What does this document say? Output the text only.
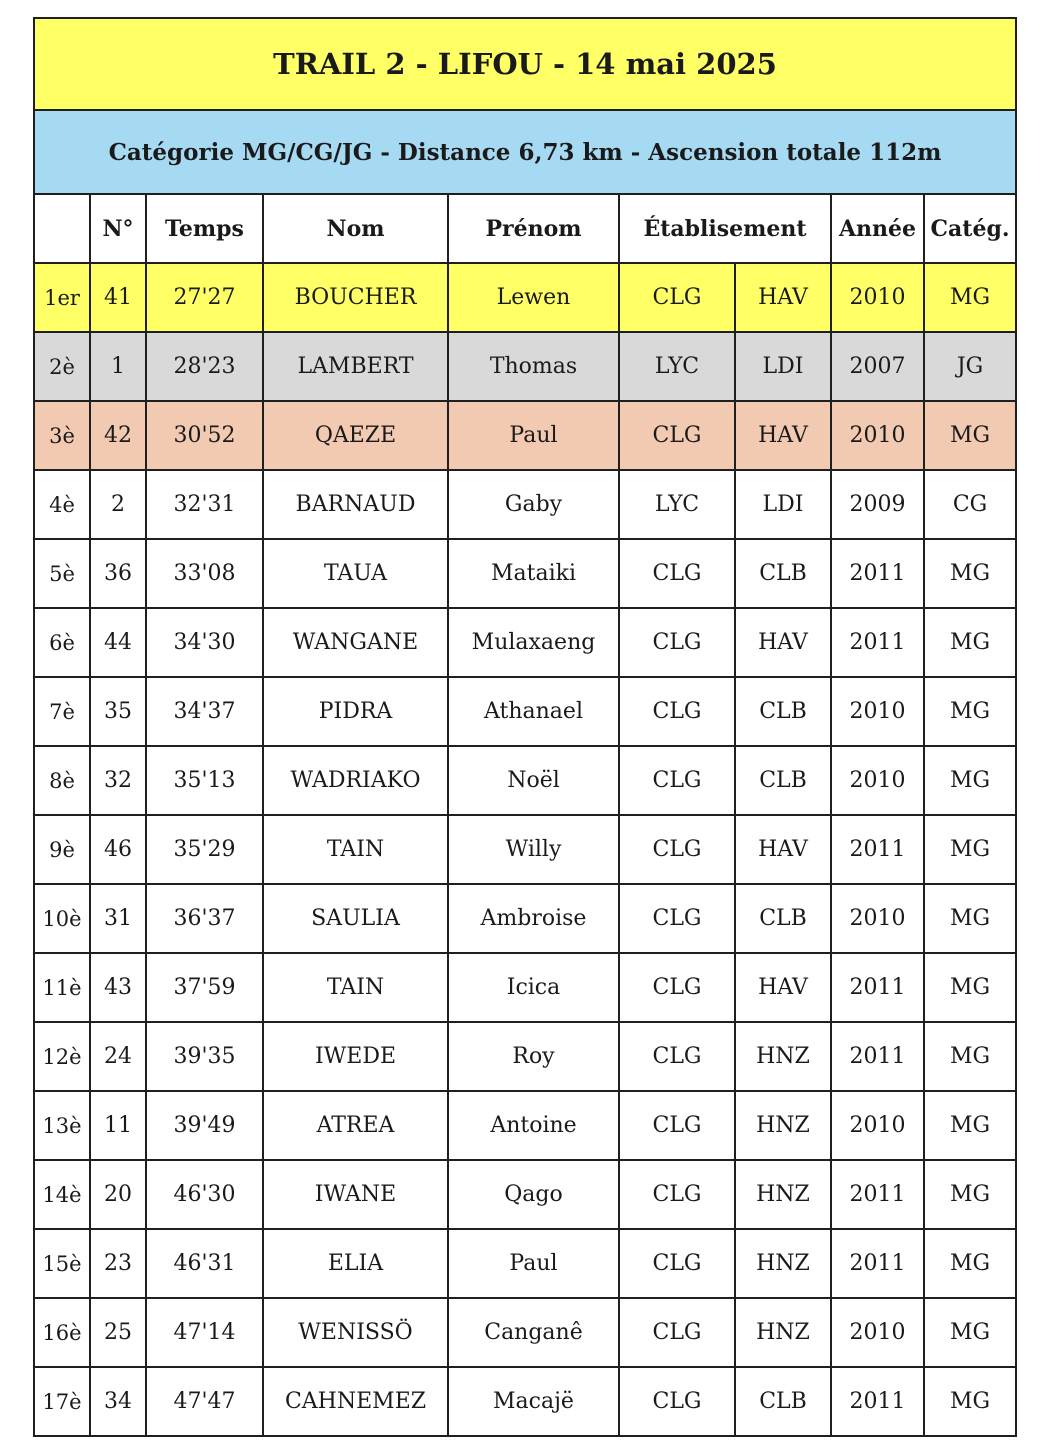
TRAIL 2 - LIFOU - 14 mai 2025								
Catégorie MG/CG/JG - Distance 6,73 km - Ascension totale 112m								
	N°	Temps	Nom	Prénom	Établisement		Année	Catég.
1er	41	27'27	BOUCHER	Lewen	CLG	HAV	2010	MG
2è	1	28'23	LAMBERT	Thomas	LYC	LDI	2007	JG
3è	42	30'52	QAEZE	Paul	CLG	HAV	2010	MG
4è	2	32'31	BARNAUD	Gaby	LYC	LDI	2009	CG
5è	36	33'08	TAUA	Mataiki	CLG	CLB	2011	MG
6è	44	34'30	WANGANE	Mulaxaeng	CLG	HAV	2011	MG
7è	35	34'37	PIDRA	Athanael	CLG	CLB	2010	MG
8è	32	35'13	WADRIAKO	Noël	CLG	CLB	2010	MG
9è	46	35'29	TAIN	Willy	CLG	HAV	2011	MG
10è	31	36'37	SAULIA	Ambroise	CLG	CLB	2010	MG
11è	43	37'59	TAIN	Icica	CLG	HAV	2011	MG
12è	24	39'35	IWEDE	Roy	CLG	HNZ	2011	MG
13è	11	39'49	ATREA	Antoine	CLG	HNZ	2010	MG
14è	20	46'30	IWANE	Qago	CLG	HNZ	2011	MG
15è	23	46'31	ELIA	Paul	CLG	HNZ	2011	MG
16è	25	47'14	WENISSÖ	Canganê	CLG	HNZ	2010	MG
17è	34	47'47	CAHNEMEZ	Macajë	CLG	CLB	2011	MG
